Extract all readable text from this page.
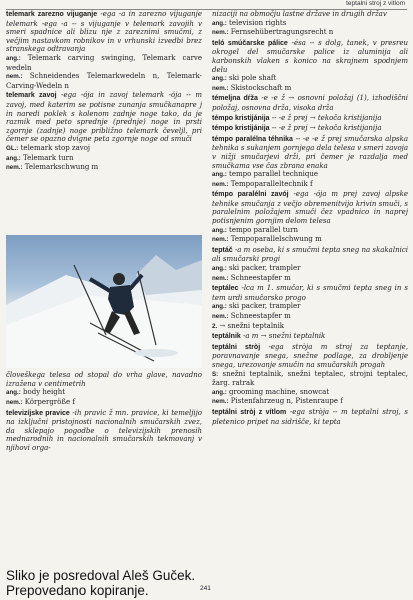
teptalni stroj z vitlom
telemark zarezno vijuganje -ega -a in zarezno vijuganje telemark -ega -a -- s vijuganje v telemark zavojih v smeri spadnice ali blizu nje z zareznimi smučmi, z večjim nastavkom robnikov in v vrhunski izvedbi brez stranskega odtravanja
ang.: Telemark carving swinging, Telemark carve wedeln
nem.: Schneidendes Telemarkwedeln n, Telemark-Carving-Wedeln n
telemark zavoj -ega -ója in zavoj telemark -ója -- m zavoj, med katerim se potisne zunanja smučkanapre j in naredi poklek s kolenom zadnje noge tako, da je razmik med peto sprednje (prednje) noge in prsti zgornje (zadnje) noge približno telemark čeveljl, pri čemer se opazno dvigne peta zgornje noge od smuči
GL.: telemark stop zavoj
ang.: Telemark turn
nem.: Telemarkschwung m
človeškega telesa od stopal do vrha glave, navadno izražena v centimetrih
ang.: body height
nem.: Körpergröße f
televizíjske pravice -ih pravic ž mn. pravice, ki temeljijo na izključni pristojnosti nacionalnih smučarskih zvez, da sklepajo pogodbe o televizijskih prenosih mednarodnih in nacionalnih smučarskih tekmovanj v njihovi orga-
nizaciji na območju lastne države in drugih držav
ang.: television rights
nem.: Fernsehübertragungsrecht n
teló smúčarske pálice -ésa -- s dolg, tanek, v presreu okrogel del smučarske palice iz aluminija ali karbonskih vlaken s konico na skrajnem spodnjem delu
ang.: ski pole shaft
nem.: Skistockschaft m
témeljna dŕža -e -e ž → osnovni položaj (1), izhodiščni položaj, osnovna drža, visoka drža
témpo kristijánija -- -e ž prej → tekoča kristijanija
témpo kristijánija -- -e ž prej → tekoča kristijanija
témpo paralélna téhnika -- -e -e ž prej smučarska alpska tehnika s sukanjem gornjega dela telesa v smeri zavoja v nižji smučarjevi drži, pri čemer je razdalja med smučkama vse čas zbrana enaka
ang.: tempo parallel technique
nem.: Tempoparalleltechnik f
témpo paralélni zavój -ega -ója m prej zavoj alpske tehnike smučanja z večjo obremenitvijo krivin smuči, s paralelnim položajem smuči čez vpadnico in naprej potisnjenim gornjim delom telesa
ang.: tempo parallel turn
nem.: Tempoparallelschwung m
teptáč -a m oseba, ki s smučmi tepta sneg na skakalnici ali smučarski progi
ang.: ski packer, trampler
nem.: Schneestapfer m
teptálec -lca m 1. smučar, ki s smučmi tepta sneg in s tem urdi smučarsko progo
ang.: ski packer, trampler
nem.: Schneestapfer m
2. → snežni teptalnik
teptálnik -a m → snežni teptalnik
teptálni stròj -ega stròja m stroj za teptanje, poravnavanje snega, snežne podlage, za drobljenje snega, urezovanje smučin na smučarskih progah
S: snežni teptalnik, snežni teptalec, strojni teptalec, žarg. ratrak
ang.: grooming machine, snowcat
nem.: Pistenfahrzeug n, Pistenraupe f
teptálni stròj z vítlom -ega stròja -- m teptalni stroj, s pletenico pripet na sidrišče, ki tepta
241
Sliko je posredoval Aleš Guček.
Prepovedano kopiranje.
